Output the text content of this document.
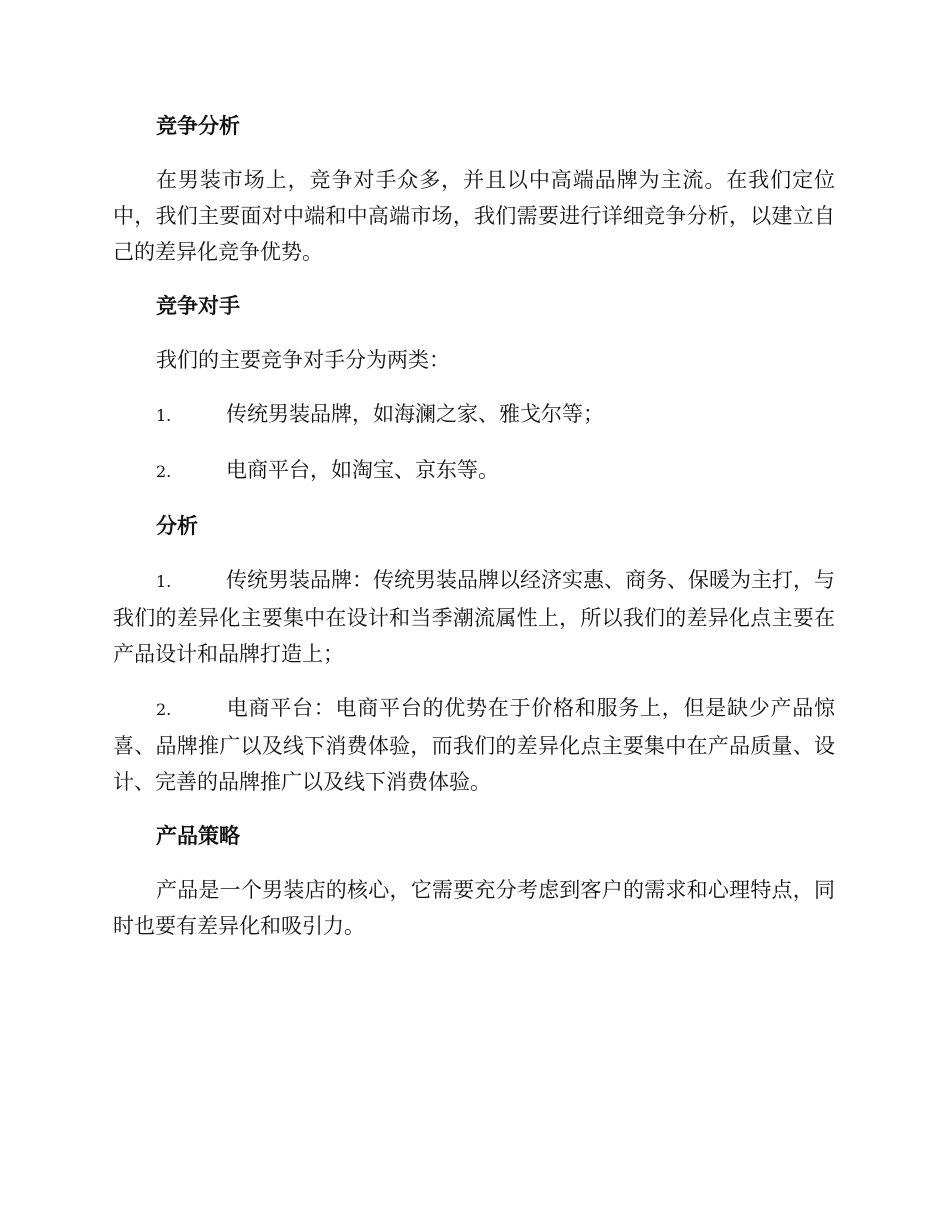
竞争分析

在男装市场上，竞争对手众多，并且以中高端品牌为主流。在我们定位中，我们主要面对中端和中高端市场，我们需要进行详细竞争分析，以建立自己的差异化竞争优势。

竞争对手

我们的主要竞争对手分为两类：

1.	传统男装品牌，如海澜之家、雅戈尔等；

2.	电商平台，如淘宝、京东等。

分析

1.	传统男装品牌：传统男装品牌以经济实惠、商务、保暖为主打，与我们的差异化主要集中在设计和当季潮流属性上，所以我们的差异化点主要在产品设计和品牌打造上；

2.	电商平台：电商平台的优势在于价格和服务上，但是缺少产品惊喜、品牌推广以及线下消费体验，而我们的差异化点主要集中在产品质量、设计、完善的品牌推广以及线下消费体验。

产品策略

产品是一个男装店的核心，它需要充分考虑到客户的需求和心理特点，同时也要有差异化和吸引力。
